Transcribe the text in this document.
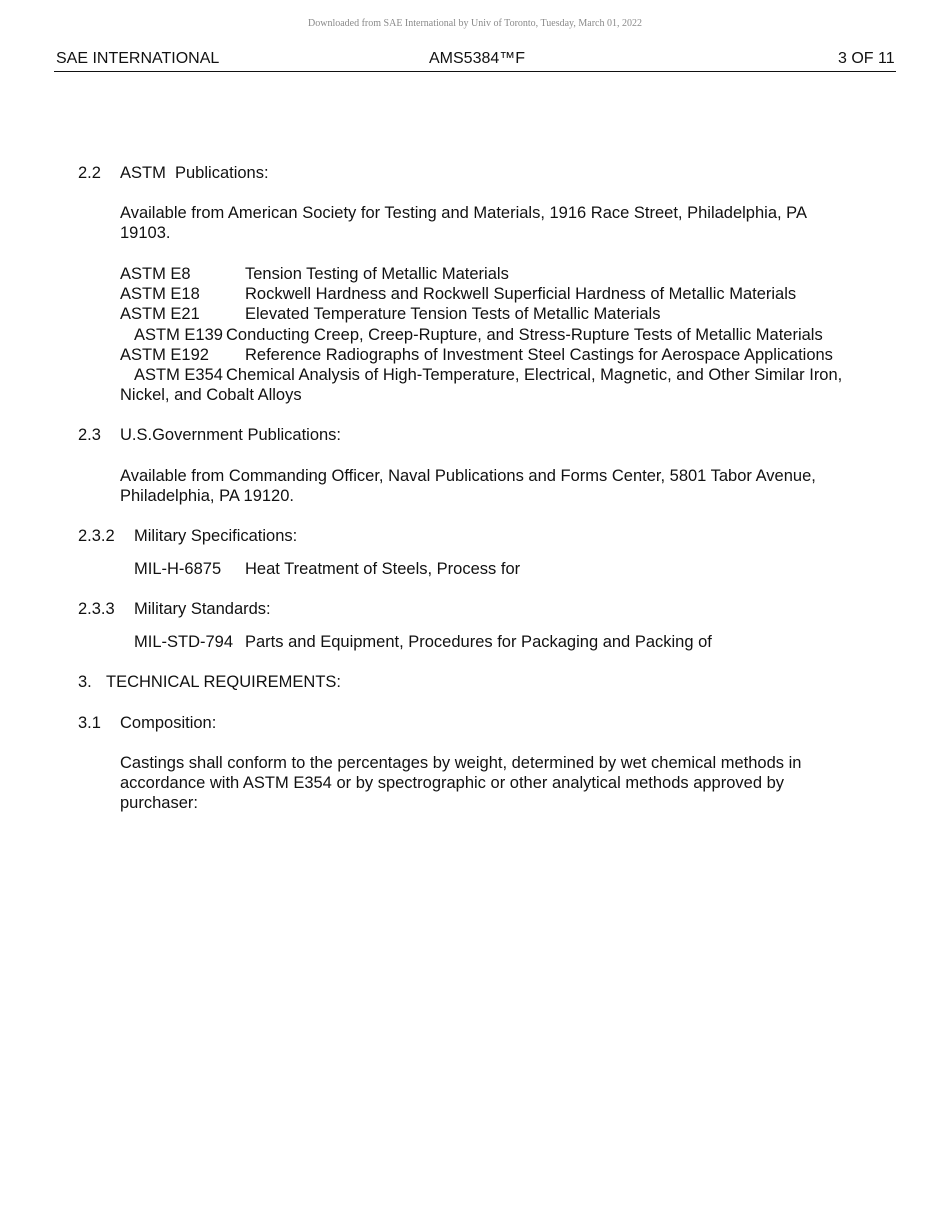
Downloaded from SAE International by Univ of Toronto, Tuesday, March 01, 2022
SAE INTERNATIONAL	AMS5384™F	3 OF 11
2.2 ASTM  Publications:
Available from American Society for Testing and Materials, 1916 Race Street, Philadelphia, PA
19103.
ASTM E8	Tension Testing of Metallic Materials
ASTM E18	Rockwell Hardness and Rockwell Superficial Hardness of Metallic Materials
ASTM E21	Elevated Temperature Tension Tests of Metallic Materials
ASTM E139 Conducting Creep, Creep-Rupture, and Stress-Rupture Tests of Metallic Materials
ASTM E192 Reference Radiographs of Investment Steel Castings for Aerospace Applications
ASTM E354 Chemical Analysis of High-Temperature, Electrical, Magnetic, and Other Similar Iron,
Nickel, and Cobalt Alloys
2.3 U.S.Government Publications:
Available from Commanding Officer, Naval Publications and Forms Center, 5801 Tabor Avenue,
Philadelphia, PA 19120.
2.3.2 Military Specifications:
MIL-H-6875 Heat Treatment of Steels, Process for
2.3.3 Military Standards:
MIL-STD-794 Parts and Equipment, Procedures for Packaging and Packing of
3. TECHNICAL REQUIREMENTS:
3.1 Composition:
Castings shall conform to the percentages by weight, determined by wet chemical methods in
accordance with ASTM E354 or by spectrographic or other analytical methods approved by
purchaser:
